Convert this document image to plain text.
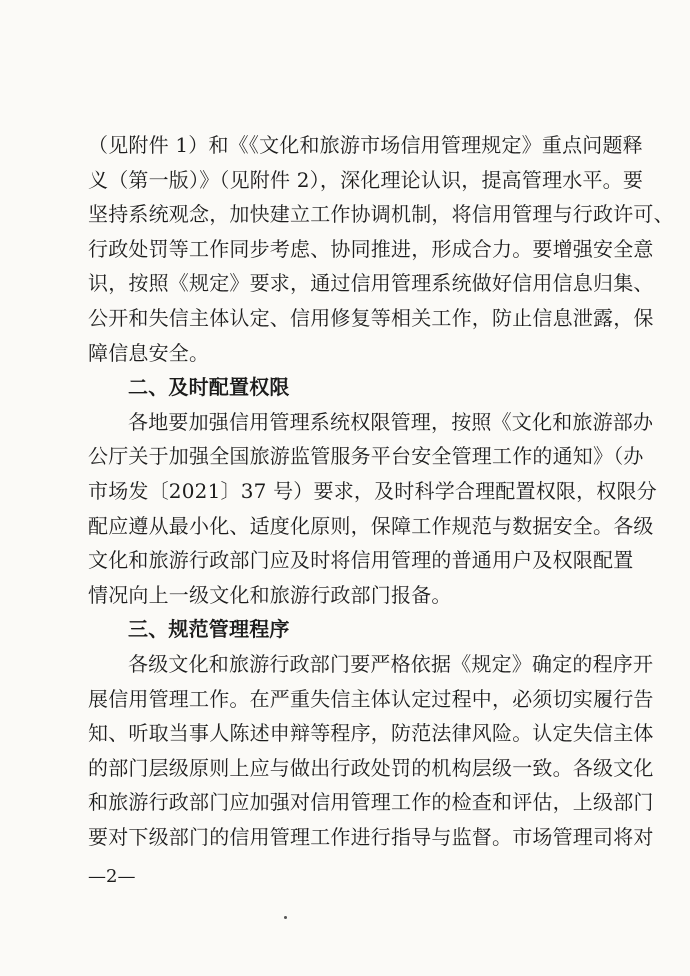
（见附件 1）和《《文化和旅游市场信用管理规定》重点问题释
义（第一版）》（见附件 2），深化理论认识，提高管理水平。要
坚持系统观念，加快建立工作协调机制，将信用管理与行政许可、
行政处罚等工作同步考虑、协同推进，形成合力。要增强安全意
识，按照《规定》要求，通过信用管理系统做好信用信息归集、
公开和失信主体认定、信用修复等相关工作，防止信息泄露，保
障信息安全。
二、及时配置权限
各地要加强信用管理系统权限管理，按照《文化和旅游部办
公厅关于加强全国旅游监管服务平台安全管理工作的通知》（办
市场发〔2021〕37 号）要求，及时科学合理配置权限，权限分
配应遵从最小化、适度化原则，保障工作规范与数据安全。各级
文化和旅游行政部门应及时将信用管理的普通用户及权限配置
情况向上一级文化和旅游行政部门报备。
三、规范管理程序
各级文化和旅游行政部门要严格依据《规定》确定的程序开
展信用管理工作。在严重失信主体认定过程中，必须切实履行告
知、听取当事人陈述申辩等程序，防范法律风险。认定失信主体
的部门层级原则上应与做出行政处罚的机构层级一致。各级文化
和旅游行政部门应加强对信用管理工作的检查和评估，上级部门
要对下级部门的信用管理工作进行指导与监督。市场管理司将对
—2—
